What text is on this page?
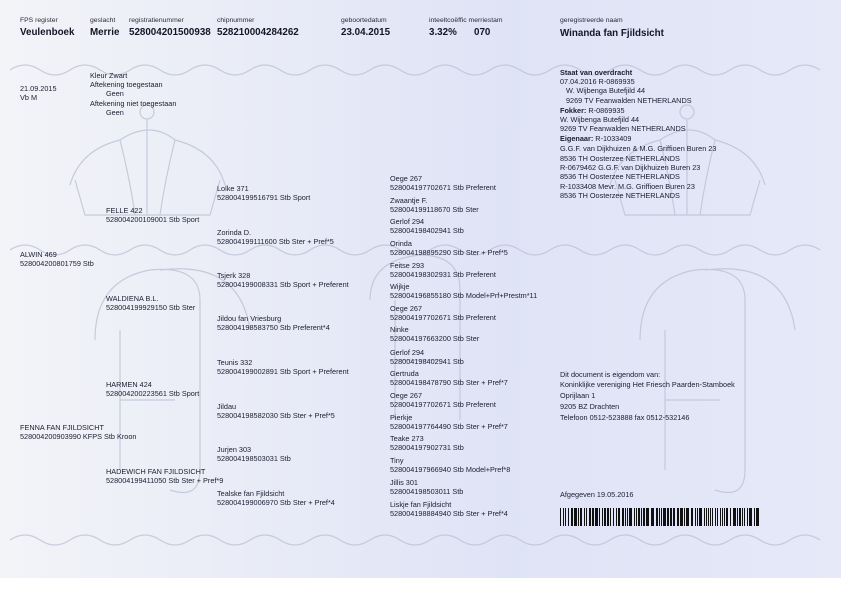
FPS register
Veulenboek
geslacht
Merrie
registratienummer
528004201500938
chipnummer
528210004284262
geboortedatum
23.04.2015
inteeltcoëffic merriestam
3.32% 070
geregistreerde naam
Winanda fan Fjildsicht
21.09.2015
Vb M
Kleur Zwart
Aftekening toegestaan
Geen
Aftekening niet toegestaan
Geen
ALWIN 469
528004200801759 Stb
FENNA FAN FJILDSICHT
528004200903990 KFPS Stb Kroon
FELLE 422
528004200109001 Stb Sport
WALDIENA B.L.
528004199929150 Stb Ster
HARMEN 424
528004200223561 Stb Sport
HADEWICH FAN FJILDSICHT
528004199411050 Stb Ster + Pref*9
Lolke 371
528004199516791 Stb Sport
Zorinda D.
528004199111600 Stb Ster + Pref*5
Tsjerk 328
528004199008331 Stb Sport + Preferent
Jildou fan Vriesburg
528004198583750 Stb Preferent*4
Teunis 332
528004199002891 Stb Sport + Preferent
Jildau
528004198582030 Stb Ster + Pref*5
Jurjen 303
528004198503031 Stb
Tealske fan Fjildsicht
528004199006970 Stb Ster + Pref*4
Oege 267
528004197702671 Stb Preferent
Zwaantje F.
528004199118670 Stb Ster
Gerlof 294
528004198402941 Stb
Orinda
528004198895290 Stb Ster + Pref*5
Feitse 293
528004198302931 Stb Preferent
Wijkje
528004196855180 Stb Model+Prf+Prestm*11
Oege 267
528004197702671 Stb Preferent
Ninke
528004197663200 Stb Ster
Gerlof 294
528004198402941 Stb
Gertruda
528004198478790 Stb Ster + Pref*7
Oege 267
528004197702671 Stb Preferent
Pierkje
528004197764490 Stb Ster + Pref*7
Teake 273
528004197902731 Stb
Tiny
528004197966940 Stb Model+Pref*8
Jillis 301
528004198503011 Stb
Liskje fan Fjildsicht
528004198884940 Stb Ster + Pref*4
Staat van overdracht
07.04.2016 R-0869935
W. Wijbenga Butefjild 44
9269 TV Feanwalden NETHERLANDS
Fokker: R-0869935
W. Wijbenga Butefjild 44
9269 TV Feanwalden NETHERLANDS
Eigenaar: R-1033409
G.G.F. van Dijkhuizen & M.G. Griffioen Buren 23
8536 TH Oosterzee NETHERLANDS
R-0679462 G.G.F. van Dijkhuizen Buren 23
8536 TH Oosterzee NETHERLANDS
R-1033408 Mevr. M.G. Griffioen Buren 23
8536 TH Oosterzee NETHERLANDS
Dit document is eigendom van:
Koninklijke vereniging Het Friesch Paarden-Stamboek
Oprijlaan 1
9205 BZ Drachten
Telefoon 0512-523888 fax 0512-532146
Afgegeven 19.05.2016
